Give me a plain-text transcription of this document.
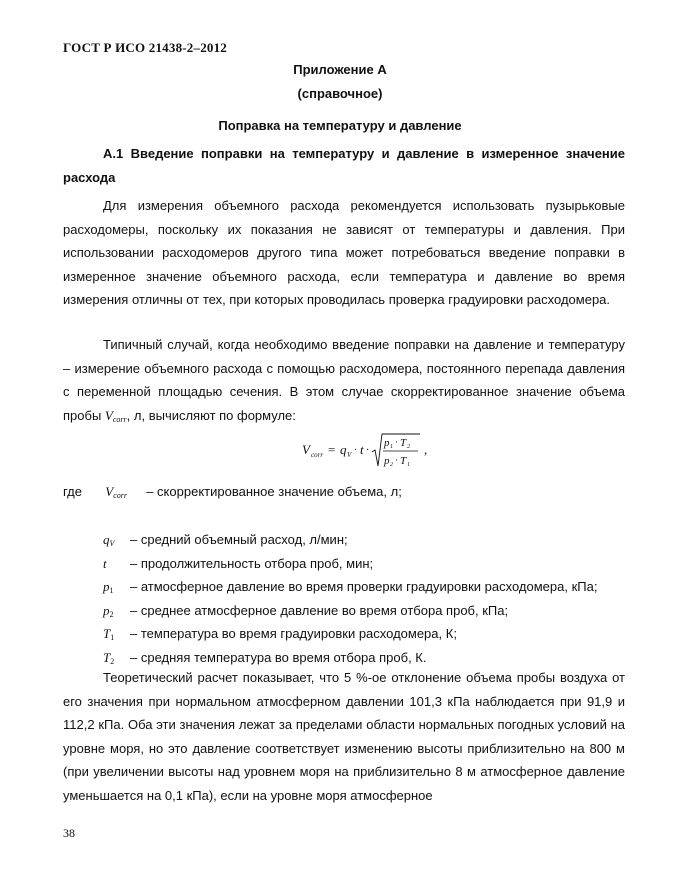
ГОСТ Р ИСО 21438-2–2012
Приложение А
(справочное)
Поправка на температуру и давление

А.1 Введение поправки на температуру и давление в измеренное значение расхода

Для измерения объемного расхода рекомендуется использовать пузырьковые расходомеры, поскольку их показания не зависят от температуры и давления. При использовании расходомеров другого типа может потребоваться введение поправки в измеренное значение объемного расхода, если температура и давление во время измерения отличны от тех, при которых проводилась проверка градуировки расходомера.

Типичный случай, когда необходимо введение поправки на давление и температуру – измерение объемного расхода с помощью расходомера, постоянного перепада давления с переменной площадью сечения. В этом случае скорректированное значение объема пробы $V_{corr}$, л, вычисляют по формуле:

V corr = q V · t ·
p 1 · T 2
p 2 · T 1
,
где $V_{corr}$ – скорректированное значение объема, л;
$q_V$ – средний объемный расход, л/мин;
t – продолжительность отбора проб, мин;
$p_1$ – атмосферное давление во время проверки градуировки расходомера, кПа;
$p_2$ – среднее атмосферное давление во время отбора проб, кПа;
$T_1$ – температура во время градуировки расходомера, К;
$T_2$ – средняя температура во время отбора проб, К.

Теоретический расчет показывает, что 5 %-ое отклонение объема пробы воздуха от его значения при нормальном атмосферном давлении 101,3 кПа наблюдается при 91,9 и 112,2 кПа. Оба эти значения лежат за пределами области нормальных погодных условий на уровне моря, но это давление соответствует изменению высоты приблизительно на 800 м (при увеличении высоты над уровнем моря на приблизительно 8 м атмосферное давление уменьшается на 0,1 кПа), если на уровне моря атмосферное

38
